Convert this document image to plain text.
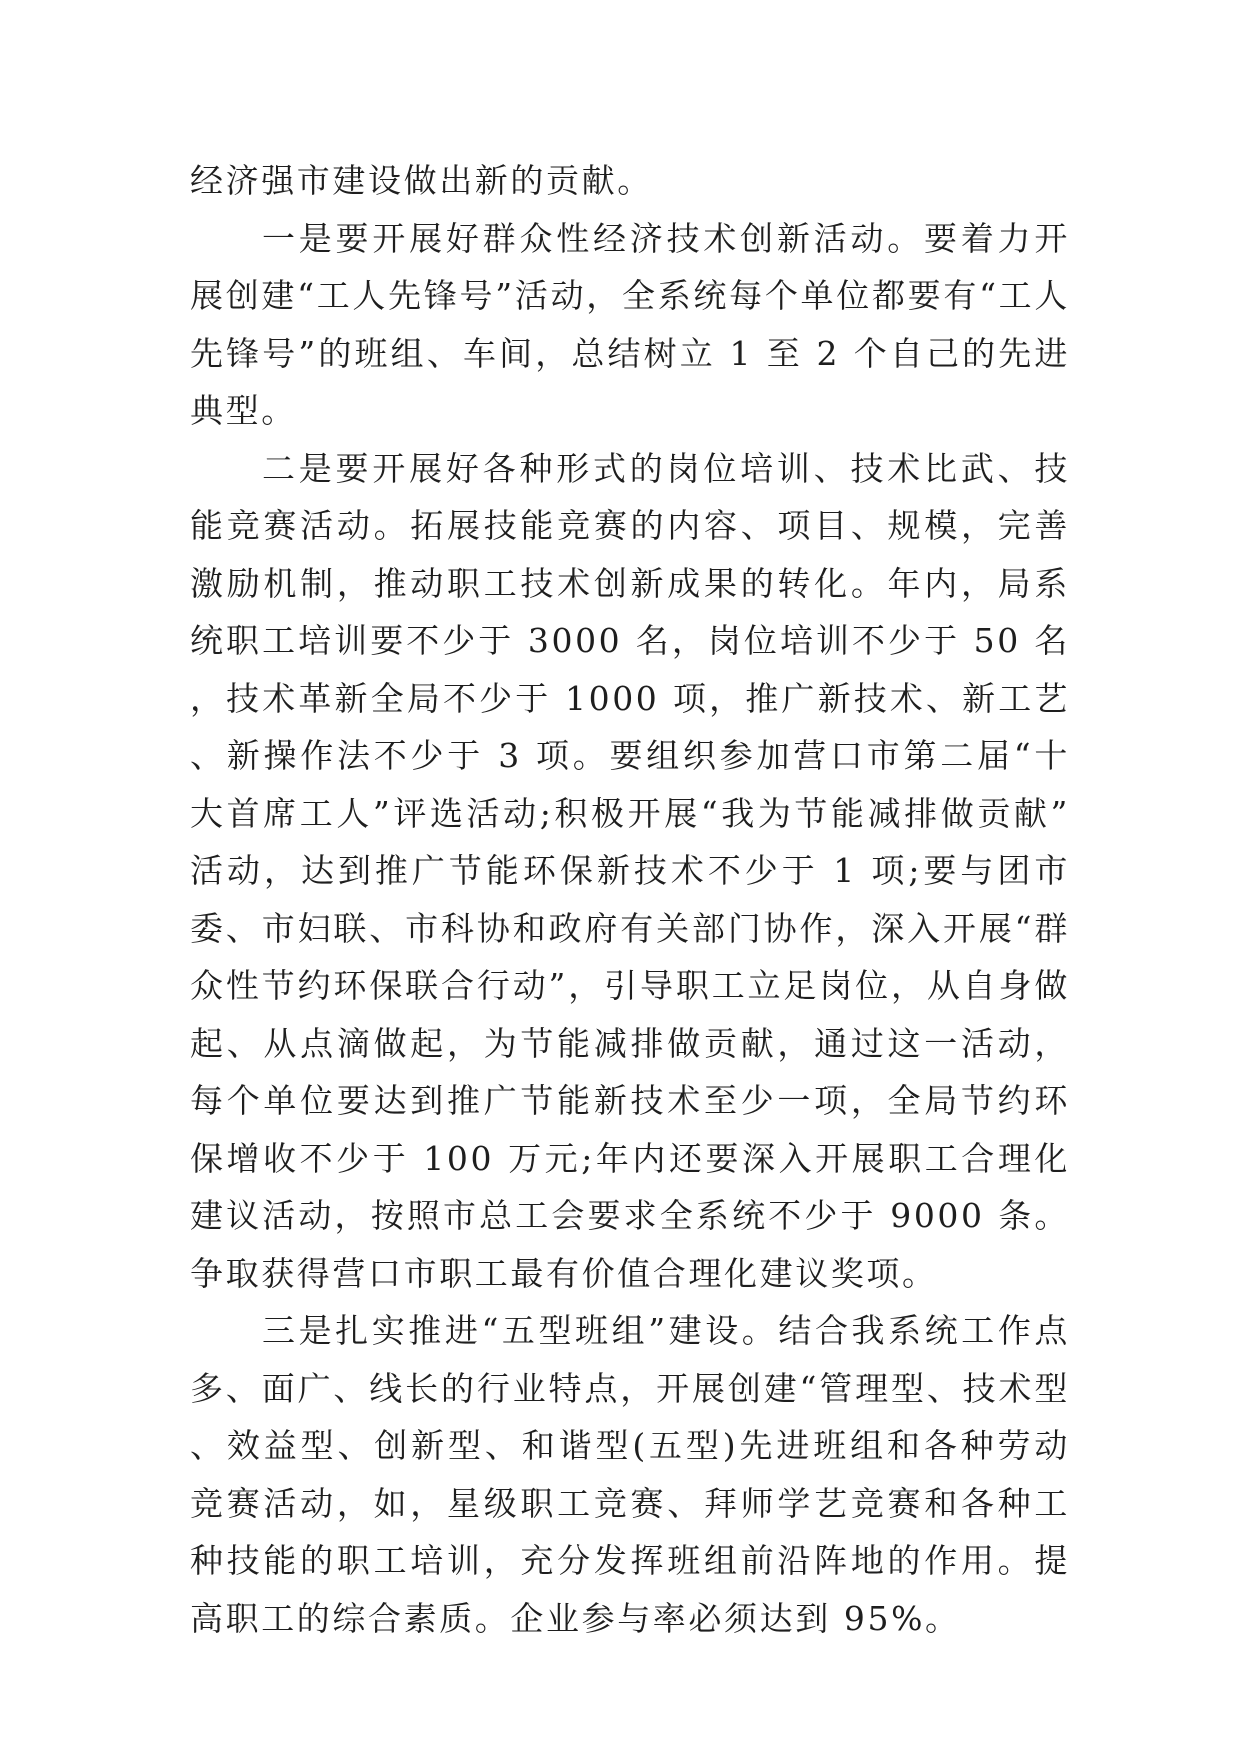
经济强市建设做出新的贡献。

一是要开展好群众性经济技术创新活动。要着力开展创建“工人先锋号”活动，全系统每个单位都要有“工人先锋号”的班组、车间，总结树立 1 至 2 个自己的先进典型。

二是要开展好各种形式的岗位培训、技术比武、技能竞赛活动。拓展技能竞赛的内容、项目、规模，完善激励机制，推动职工技术创新成果的转化。年内，局系统职工培训要不少于 3000 名，岗位培训不少于 50 名，技术革新全局不少于 1000 项，推广新技术、新工艺、新操作法不少于 3 项。要组织参加营口市第二届“十大首席工人”评选活动;积极开展“我为节能减排做贡献”活动，达到推广节能环保新技术不少于 1 项;要与团市委、市妇联、市科协和政府有关部门协作，深入开展“群众性节约环保联合行动”，引导职工立足岗位，从自身做起、从点滴做起，为节能减排做贡献，通过这一活动，每个单位要达到推广节能新技术至少一项，全局节约环保增收不少于 100 万元;年内还要深入开展职工合理化建议活动，按照市总工会要求全系统不少于 9000 条。争取获得营口市职工最有价值合理化建议奖项。

三是扎实推进“五型班组”建设。结合我系统工作点多、面广、线长的行业特点，开展创建“管理型、技术型、效益型、创新型、和谐型(五型)先进班组和各种劳动竞赛活动，如，星级职工竞赛、拜师学艺竞赛和各种工种技能的职工培训，充分发挥班组前沿阵地的作用。提高职工的综合素质。企业参与率必须达到 95%。
